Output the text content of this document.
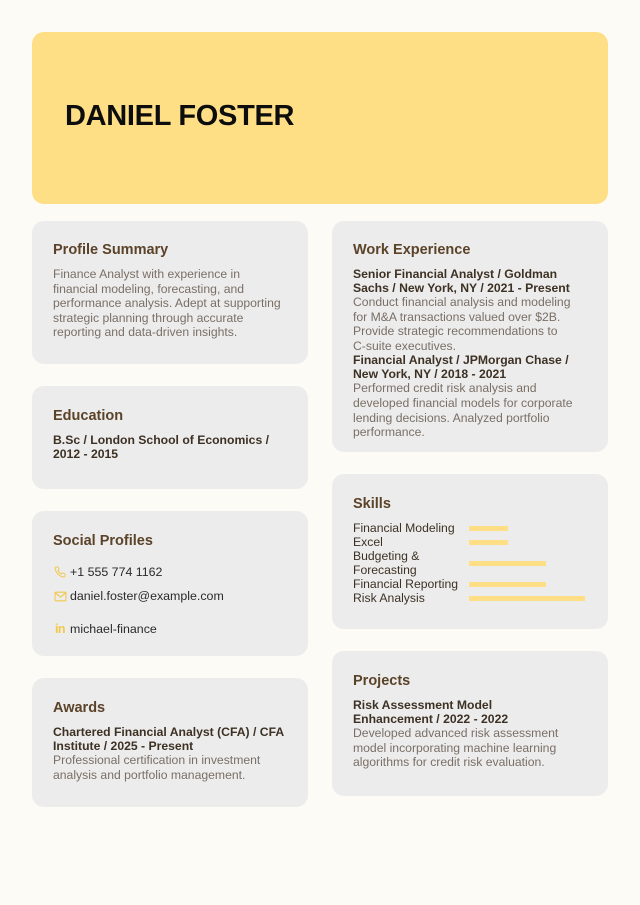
DANIEL FOSTER
Profile Summary

Finance Analyst with experience in financial modeling, forecasting, and performance analysis. Adept at supporting strategic planning through accurate reporting and data-driven insights.

Education
B.Sc / London School of Economics / 2012 - 2015
Social Profiles
+1 555 774 1162
daniel.foster@example.com
in michael-finance
Awards
Chartered Financial Analyst (CFA) / CFA Institute / 2025 - Present

Professional certification in investment analysis and portfolio management.

Work Experience
Senior Financial Analyst / Goldman Sachs / New York, NY / 2021 - Present

Conduct financial analysis and modeling for M&A transactions valued over $2B. Provide strategic recommendations to C-suite executives.

Financial Analyst / JPMorgan Chase / New York, NY / 2018 - 2021

Performed credit risk analysis and developed financial models for corporate lending decisions. Analyzed portfolio performance.

Skills
Financial Modeling
Excel
Budgeting & Forecasting
Financial Reporting
Risk Analysis
Projects
Risk Assessment Model Enhancement / 2022 - 2022

Developed advanced risk assessment model incorporating machine learning algorithms for credit risk evaluation.
